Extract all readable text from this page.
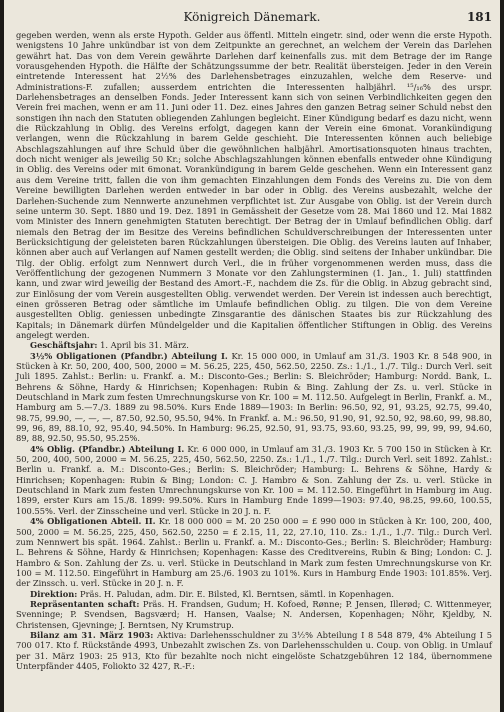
Königreich Dänemark.	181

gegeben werden, wenn als erste Hypoth. Gelder aus öffentl. Mitteln eingetr. sind, oder wenn die erste Hypoth. wenigstens 10 Jahre unkündbar ist von dem Zeitpunkte an gerechnet, an welchem der Verein das Darlehen gewährt hat. Das von dem Verein gewährte Darlehen darf keinenfalls zus. mit dem Betrage der im Range vorausgehenden Hypoth. die Hälfte der Schätzungssumme der betr. Realität übersteigen. Jeder in den Verein eintretende Interessent hat 2½% des Darlehensbetrages einzuzahlen, welche dem Reserve- und Administrations-F. zufallen; ausserdem entrichten die Interessenten halbjährl. ¹⁵/₁₆% des urspr. Darlehensbetrages an denselben Fonds. Jeder Interessent kann sich von seinen Verbindlichkeiten gegen den Verein frei machen, wenn er am 11. Juni oder 11. Dez. eines Jahres den ganzen Betrag seiner Schuld nebst den sonstigen ihn nach den Statuten obliegenden Zahlungen begleicht. Einer Kündigung bedarf es dazu nicht, wenn die Rückzahlung in Oblig. des Vereins erfolgt, dagegen kann der Verein eine 6monat. Vorankündigung verlangen, wenn die Rückzahlung in barem Gelde geschieht. Die Interessenten können auch beliebige Abschlagszahlungen auf ihre Schuld über die gewöhnlichen halbjährl. Amortisationsquoten hinaus trachten, doch nicht weniger als jeweilig 50 Kr.; solche Abschlagszahlungen können ebenfalls entweder ohne Kündigung in Oblig. des Vereins oder mit 6monat. Vorankündigung in barem Gelde geschehen. Wenn ein Interessent ganz aus dem Vereine tritt, fallen die von ihm gemachten Einzahlungen dem Fonds des Vereins zu. Die von dem Vereine bewilligten Darlehen werden entweder in bar oder in Oblig. des Vereins ausbezahlt, welche der Darlehen-Suchende zum Nennwerte anzunehmen verpflichtet ist. Zur Ausgabe von Oblig. ist der Verein durch seine unterm 30. Sept. 1880 und 19. Dez. 1891 in Gemässheit der Gesetze vom 28. Mai 1860 und 12. Mai 1882 vom Minister des Innern genehmigten Statuten berechtigt. Der Betrag der in Umlauf befindlichen Oblig. darf niemals den Betrag der im Besitze des Vereins befindlichen Schuldverschreibungen der Interessenten unter Berücksichtigung der geleisteten baren Rückzahlungen übersteigen. Die Oblig. des Vereins lauten auf Inhaber, können aber auch auf Verlangen auf Namen gestellt werden; die Oblig. sind seitens der Inhaber unkündbar. Die Tilg. der Oblig. erfolgt zum Nennwert durch Verl., die in früher vorgenommenen werden muss, dass die Veröffentlichung der gezogenen Nummern 3 Monate vor den Zahlungsterminen (1. Jan., 1. Juli) stattfinden kann, und zwar wird jeweilig der Bestand des Amort.-F., nachdem die Zs. für die Oblig. in Abzug gebracht sind, zur Einlösung der vom Verein ausgestellten Oblig. verwendet werden. Der Verein ist indessen auch berechtigt, einen grösseren Betrag oder sämtliche im Umlaufe befindlichen Oblig. zu tilgen. Die von dem Vereine ausgestellten Oblig. geniessen unbedingte Zinsgarantie des dänischen Staates bis zur Rückzahlung des Kapitals; in Dänemark dürfen Mündelgelder und die Kapitalien öffentlicher Stiftungen in Oblig. des Vereins angelegt werden.

Geschäftsjahr: 1. April bis 31. März.

3½% Obligationen (Pfandbr.) Abteilung I. Kr. 15 000 000, in Umlauf am 31./3. 1903 Kr. 8 548 900, in Stücken à Kr. 50, 200, 400, 500, 2000 = M. 56.25, 225, 450, 562.50, 2250. Zs.: 1./1., 1./7. Tilg.: Durch Verl. seit Juli 1895. Zahlst.: Berlin: u. Frankf. a. M.: Disconto-Ges.; Berlin: S. Bleichröder; Hamburg: Nordd. Bank, L. Behrens & Söhne, Hardy & Hinrichsen; Kopenhagen: Rubin & Bing. Zahlung der Zs. u. verl. Stücke in Deutschland in Mark zum festen Umrechnungskurse von Kr. 100 = M. 112.50. Aufgelegt in Berlin, Frankf. a. M., Hamburg am 5.—7./3. 1889 zu 98.50%. Kurs Ende 1889—1903: In Berlin: 96.50, 92, 91, 93.25, 92.75, 99.40, 98.75, 99.90, —, —, —, 87.50, 92.50, 95.50, 94%. In Frankf. a. M.: 96.50, 91.90, 91, 92.50, 92, 98.60, 99, 98.80, 99, 96, 89, 88.10, 92, 95.40, 94.50%. In Hamburg: 96.25, 92.50, 91, 93.75, 93.60, 93.25, 99, 99, 99, 99, 94.60, 89, 88, 92.50, 95.50, 95.25%.

4% Oblig. (Pfandbr.) Abteilung I. Kr. 6 000 000, in Umlauf am 31./3. 1903 Kr. 5 700 150 in Stücken à Kr. 50, 200, 400, 500, 2000 = M. 56.25, 225, 450, 562.50, 2250. Zs.: 1./1., 1./7. Tilg.: Durch Verl. seit 1892. Zahlst.: Berlin u. Frankf. a. M.: Disconto-Ges.; Berlin: S. Bleichröder; Hamburg: L. Behrens & Söhne, Hardy & Hinrichsen; Kopenhagen: Rubin & Bing; London: C. J. Hambro & Son. Zahlung der Zs. u. verl. Stücke in Deutschland in Mark zum festen Umrechnungskurse von Kr. 100 = M. 112.50. Eingeführt in Hamburg im Aug. 1899, erster Kurs am 15./8. 1899: 99.50%. Kurs in Hamburg Ende 1899—1903: 97.40, 98.25, 99.60, 100.55, 100.55%. Verl. der Zinsscheine und verl. Stücke in 20 J. n. F.

4% Obligationen Abteil. II. Kr. 18 000 000 = M. 20 250 000 = £ 990 000 in Stücken à Kr. 100, 200, 400, 500, 2000 = M. 56.25, 225, 450, 562.50, 2250 = £ 2.15, 11, 22, 27.10, 110. Zs.: 1./1., 1./7. Tilg.: Durch Verl. zum Nennwert bis spät. 1964. Zahlst.: Berlin u. Frankf. a. M.: Disconto-Ges.; Berlin: S. Bleichröder; Hamburg: L. Behrens & Söhne, Hardy & Hinrichsen; Kopenhagen: Kasse des Creditvereins, Rubin & Bing; London: C. J. Hambro & Son. Zahlung der Zs. u. verl. Stücke in Deutschland in Mark zum festen Umrechnungskurse von Kr. 100 = M. 112.50. Eingeführt in Hamburg am 25./6. 1903 zu 101%. Kurs in Hamburg Ende 1903: 101.85%. Verj. der Zinssch. u. verl. Stücke in 20 J. n. F.

Direktion: Präs. H. Paludan, adm. Dir. E. Bilsted, Kl. Berntsen, sämtl. in Kopenhagen.

Repräsentanten schaft: Präs. H. Frandsen, Gudum; H. Kofoed, Rønne; P. Jensen, Illerød; C. Wittenmeyer, Svenninge; P. Svendsen, Bagsværd; H. Hansen, Vaalse; N. Andersen, Kopenhagen; Nöhr, Kjeldby, N. Christensen, Gjevninge; J. Berntsen, Ny Krumstrup.

Bilanz am 31. März 1903: Aktiva: Darlehensschuldner zu 3½% Abteilung I 8 548 879, 4% Abteilung I 5 700 017. Kto f. Rückstände 4993, Unbezahlt zwischen Zs. von Darlehensschulden u. Coup. von Oblig. in Umlauf per 31. März 1903: 25 913, Kto für bezahlte noch nicht eingelöste Schatzgebühren 12 184, übernommene Unterpfänder 4405, Foliokto 32 427, R.-F.:
